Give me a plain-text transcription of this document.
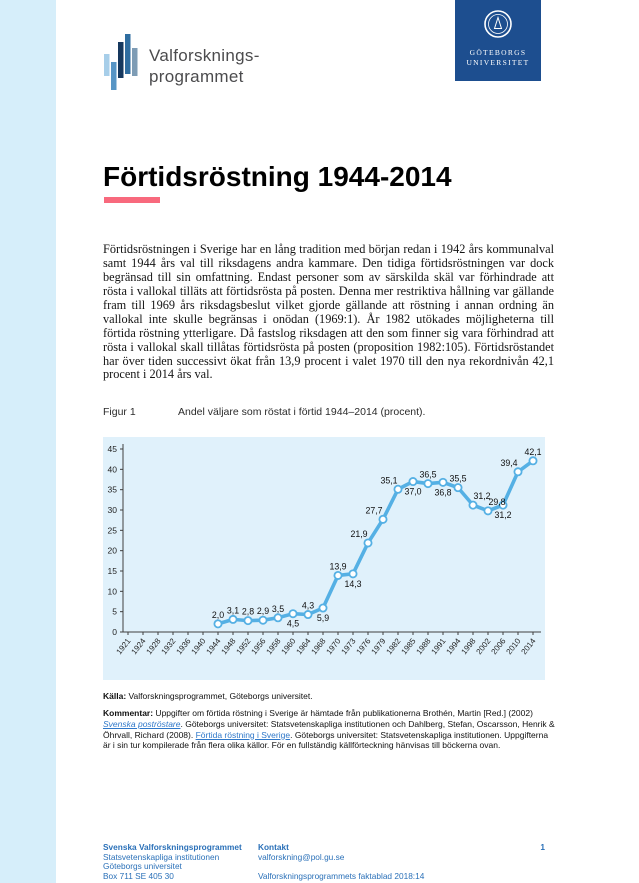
Valforsknings-
programmet
GÖTEBORGS
UNIVERSITET
Förtidsröstning 1944-2014

Förtidsröstningen i Sverige har en lång tradition med början redan i 1942 års kommunalval samt 1944 års val till riksdagens andra kammare. Den tidiga förtidsröstningen var dock begränsad till sin omfattning. Endast personer som av särskilda skäl var förhindrade att rösta i vallokal tilläts att förtidsrösta på posten. Denna mer restriktiva hållning var gällande fram till 1969 års riksdagsbeslut vilket gjorde gällande att röstning i annan ordning än vallokal inte skulle begränsas i onödan (1969:1). År 1982 utökades möjligheterna till förtida röstning ytterligare. Då fastslog riksdagen att den som finner sig vara förhindrad att rösta i vallokal skall tillåtas förtidsrösta på posten (proposition 1982:105). Förtidsröstandet har över tiden successivt ökat från 13,9 procent i valet 1970 till den nya rekordnivån 42,1 procent i 2014 års val.

Figur 1	Andel väljare som röstat i förtid 1944–2014 (procent).
0
5
10
15
20
25
30
35
40
45
1921
1924
1928
1932
1936
1940
1944
1948
1952
1956
1958
1960
1964
1968
1970
1973
1976
1979
1982
1985
1988
1991
1994
1998
2002
2006
2010
2014
2,0 3,1 2,8 2,9 3,5
4,5
4,3
5,9
13,9
14,3
21,9
27,7
35,1
37,0
36,5
36,8
35,5
31,2
29,8
31,2
39,4
42,1
Källa: Valforskningsprogrammet, Göteborgs universitet.
Kommentar: Uppgifter om förtida röstning i Sverige är hämtade från publikationerna Brothén, Martin [Red.] (2002) Svenska poströstare. Göteborgs universitet: Statsvetenskapliga institutionen och Dahlberg, Stefan, Oscarsson, Henrik & Öhrvall, Richard (2008). Förtida röstning i Sverige. Göteborgs universitet: Statsvetenskapliga institutionen. Uppgifterna är i sin tur kompilerade från flera olika källor. För en fullständig källförteckning hänvisas till böckerna ovan.
Svenska Valforskningsprogrammet
Statsvetenskapliga institutionen
Göteborgs universitet
Box 711 SE 405 30
Kontakt
valforskning@pol.gu.se
Valforskningsprogrammets faktablad 2018:14
1
